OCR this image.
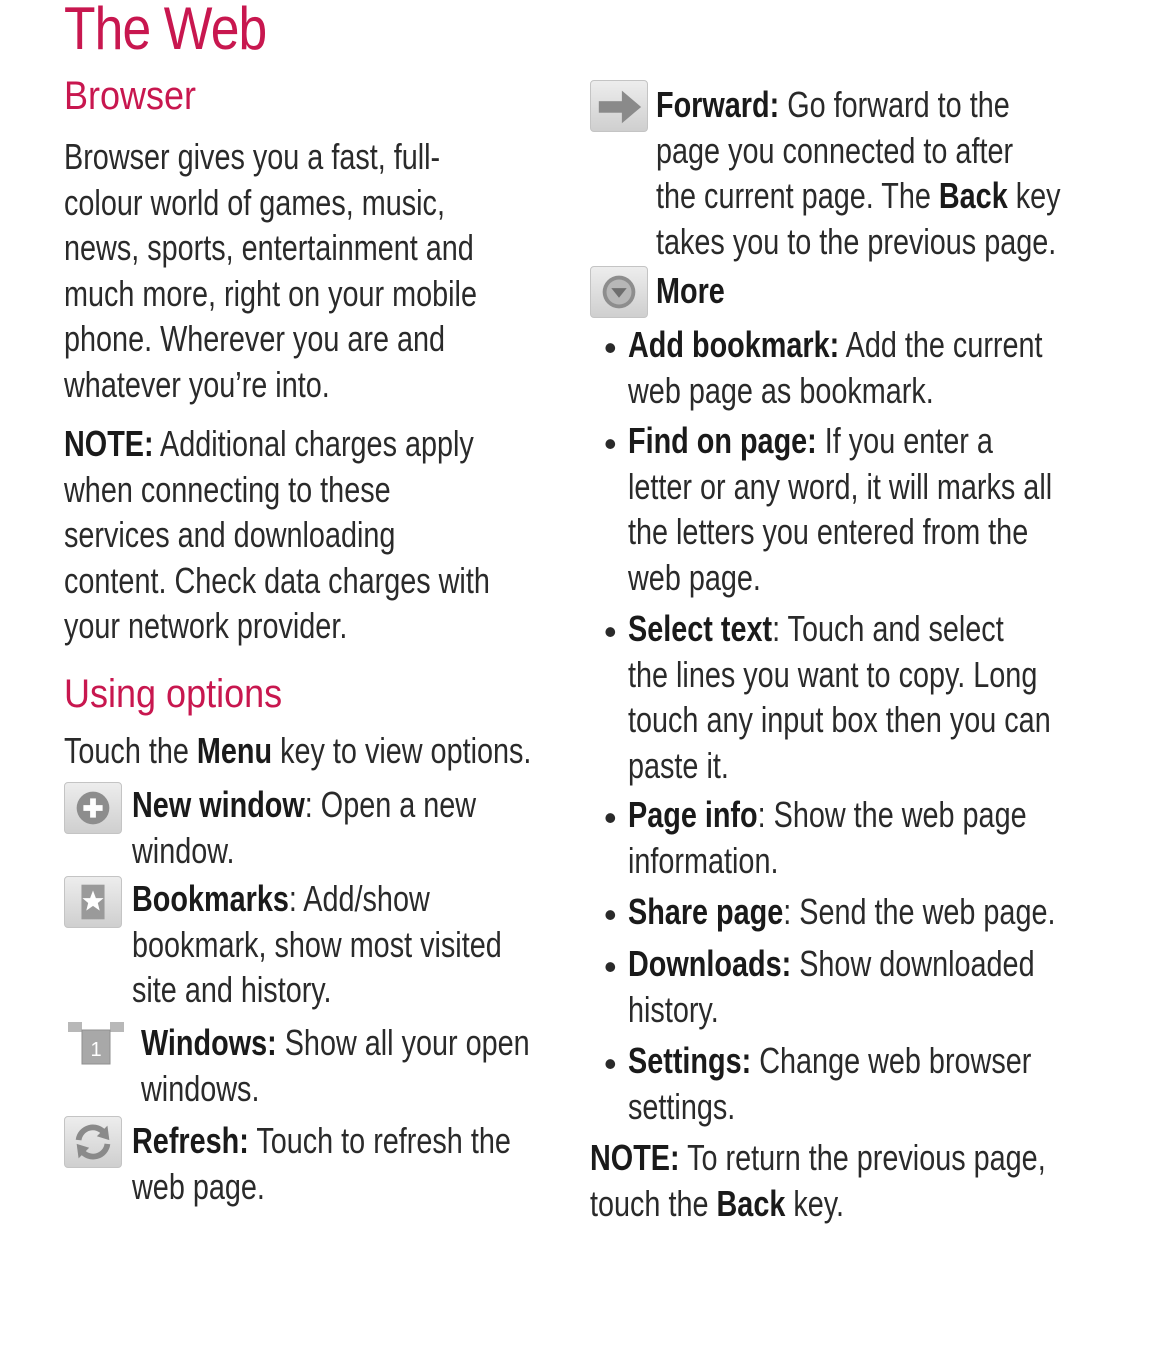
The Web
Browser

Browser gives you a fast, full-
colour world of games, music,
news, sports, entertainment and
much more, right on your mobile
phone. Wherever you are and
whatever you’re into.

NOTE: Additional charges apply
when connecting to these
services and downloading
content. Check data charges with
your network provider.

Using options

Touch the Menu key to view options.

New window: Open a new
window.

Bookmarks: Add/show
bookmark, show most visited
site and history.

1 Windows: Show all your open
windows.

Refresh: Touch to refresh the
web page.

Forward: Go forward to the
page you connected to after
the current page. The Back key
takes you to the previous page.

More

• Add bookmark: Add the current
web page as bookmark.

• Find on page: If you enter a
letter or any word, it will marks all
the letters you entered from the
web page.

• Select text: Touch and select
the lines you want to copy. Long
touch any input box then you can
paste it.

• Page info: Show the web page
information.

• Share page: Send the web page.

• Downloads: Show downloaded
history.

• Settings: Change web browser
settings.

NOTE: To return the previous page,
touch the Back key.
